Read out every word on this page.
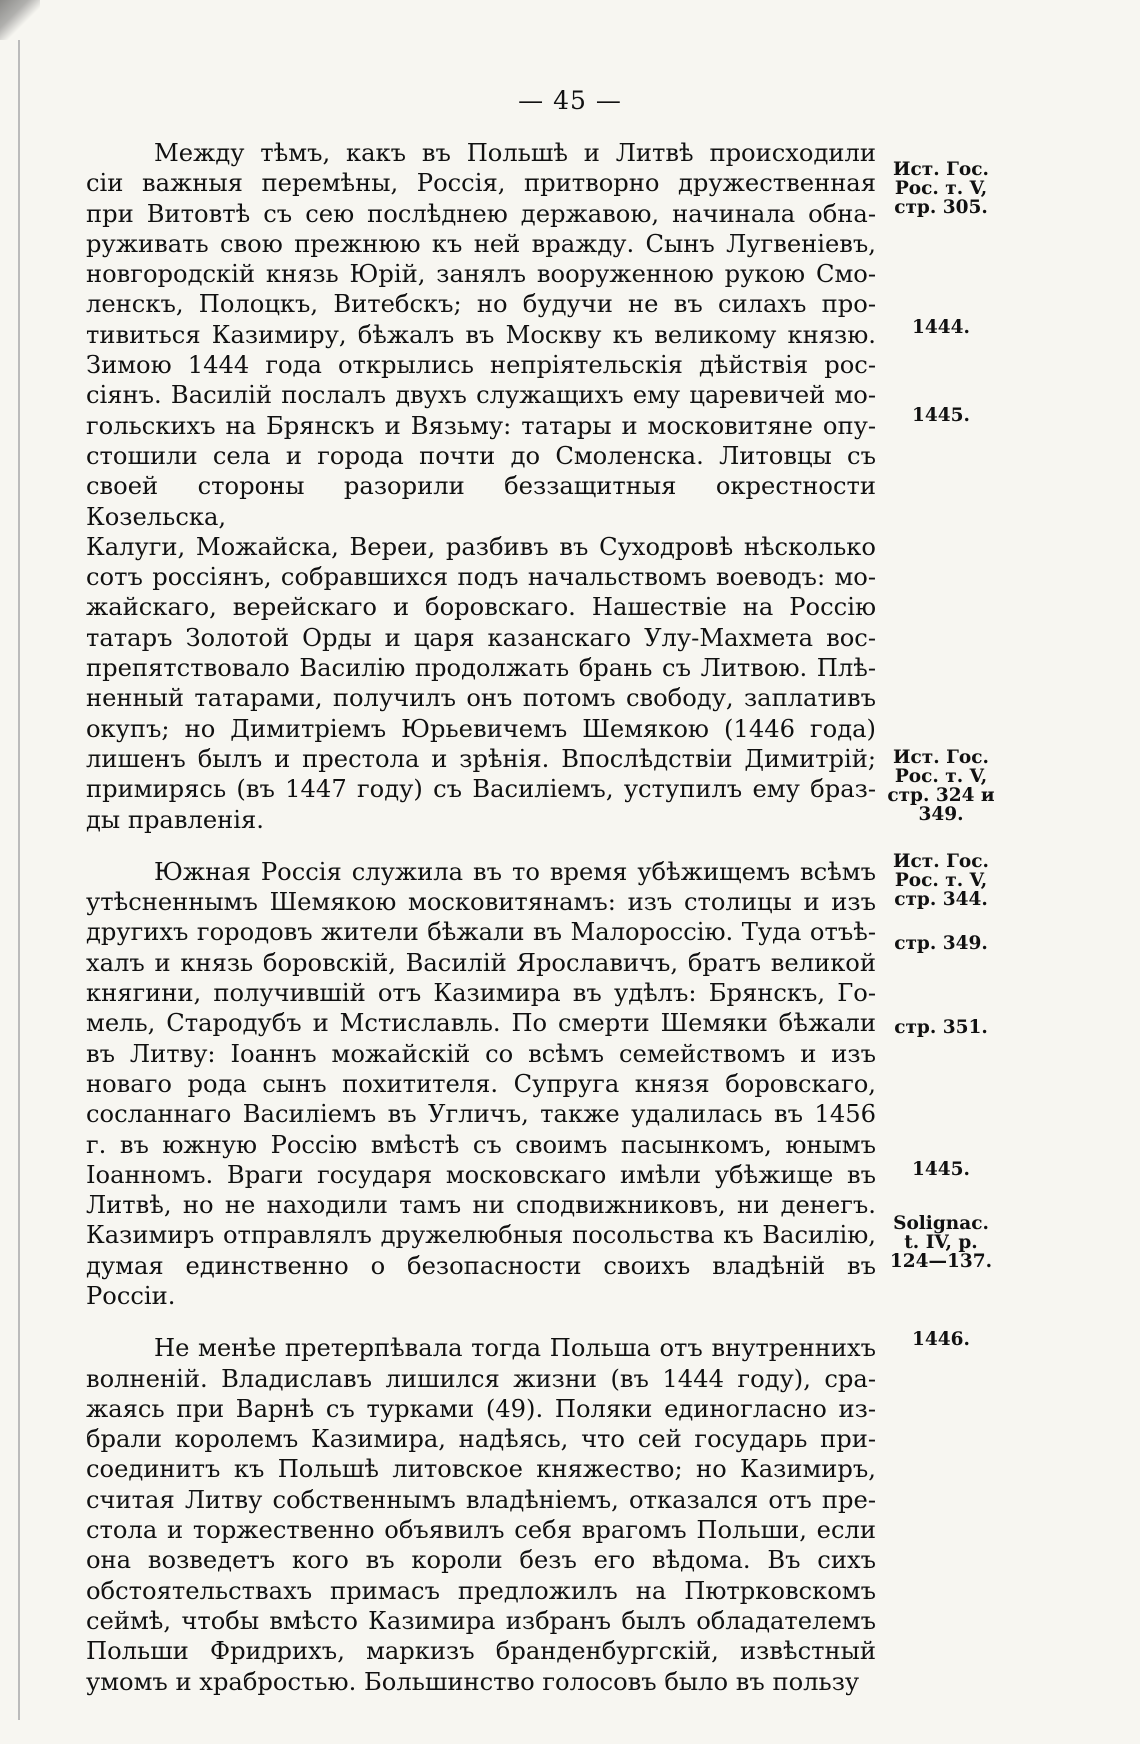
— 45 —

Между тѣмъ, какъ въ Польшѣ и Литвѣ происходили
сіи важныя перемѣны, Россія, притворно дружественная
при Витовтѣ съ сею послѣднею державою, начинала обна-
руживать свою прежнюю къ ней вражду. Сынъ Лугвеніевъ,
новгородскій князь Юрій, занялъ вооруженною рукою Смо-
ленскъ, Полоцкъ, Витебскъ; но будучи не въ силахъ про-
тивиться Казимиру, бѣжалъ въ Москву къ великому князю.
Зимою 1444 года открылись непріятельскія дѣйствія рос-
сіянъ. Василій послалъ двухъ служащихъ ему царевичей мо-
гольскихъ на Брянскъ и Вязьму: татары и московитяне опу-
стошили села и города почти до Смоленска. Литовцы съ
своей стороны разорили беззащитныя окрестности Козельска,
Калуги, Можайска, Вереи, разбивъ въ Суходровѣ нѣсколько
сотъ россіянъ, собравшихся подъ начальствомъ воеводъ: мо-
жайскаго, верейскаго и боровскаго. Нашествіе на Россію
татаръ Золотой Орды и царя казанскаго Улу-Махмета вос-
препятствовало Василію продолжать брань съ Литвою. Плѣ-
ненный татарами, получилъ онъ потомъ свободу, заплативъ
окупъ; но Димитріемъ Юрьевичемъ Шемякою (1446 года)
лишенъ былъ и престола и зрѣнія. Впослѣдствіи Димитрій;
примирясь (въ 1447 году) съ Василіемъ, уступилъ ему браз-
ды правленія.

Южная Россія служила въ то время убѣжищемъ всѣмъ
утѣсненнымъ Шемякою московитянамъ: изъ столицы и изъ
другихъ городовъ жители бѣжали въ Малороссію. Туда отъѣ-
халъ и князь боровскій, Василій Ярославичъ, братъ великой
княгини, получившій отъ Казимира въ удѣлъ: Брянскъ, Го-
мель, Стародубъ и Мстиславль. По смерти Шемяки бѣжали
въ Литву: Іоаннъ можайскій со всѣмъ семействомъ и изъ
новаго рода сынъ похитителя. Супруга князя боровскаго,
сосланнаго Василіемъ въ Угличъ, также удалилась въ 1456
г. въ южную Россію вмѣстѣ съ своимъ пасынкомъ, юнымъ
Іоанномъ. Враги государя московскаго имѣли убѣжище въ
Литвѣ, но не находили тамъ ни сподвижниковъ, ни денегъ.
Казимиръ отправлялъ дружелюбныя посольства къ Василію,
думая единственно о безопасности своихъ владѣній въ Россіи.

Не менѣе претерпѣвала тогда Польша отъ внутреннихъ
волненій. Владиславъ лишился жизни (въ 1444 году), сра-
жаясь при Варнѣ съ турками (49). Поляки единогласно из-
брали королемъ Казимира, надѣясь, что сей государь при-
соединитъ къ Польшѣ литовское княжество; но Казимиръ,
считая Литву собственнымъ владѣніемъ, отказался отъ пре-
стола и торжественно объявилъ себя врагомъ Польши, если
она возведетъ кого въ короли безъ его вѣдома. Въ сихъ
обстоятельствахъ примасъ предложилъ на Пютрковскомъ
сеймѣ, чтобы вмѣсто Казимира избранъ былъ обладателемъ
Польши Фридрихъ, маркизъ бранденбургскій, извѣстный
умомъ и храбростью. Большинство голосовъ было въ пользу

Ист. Гос. Рос. т. V, стр. 305.
1444.
1445.
Ист. Гос. Рос. т. V, стр. 324 и 349.
Ист. Гос. Рос. т. V, стр. 344.
стр. 349.
стр. 351.
1445.
Solignac. t. IV, p. 124—137.
1446.
